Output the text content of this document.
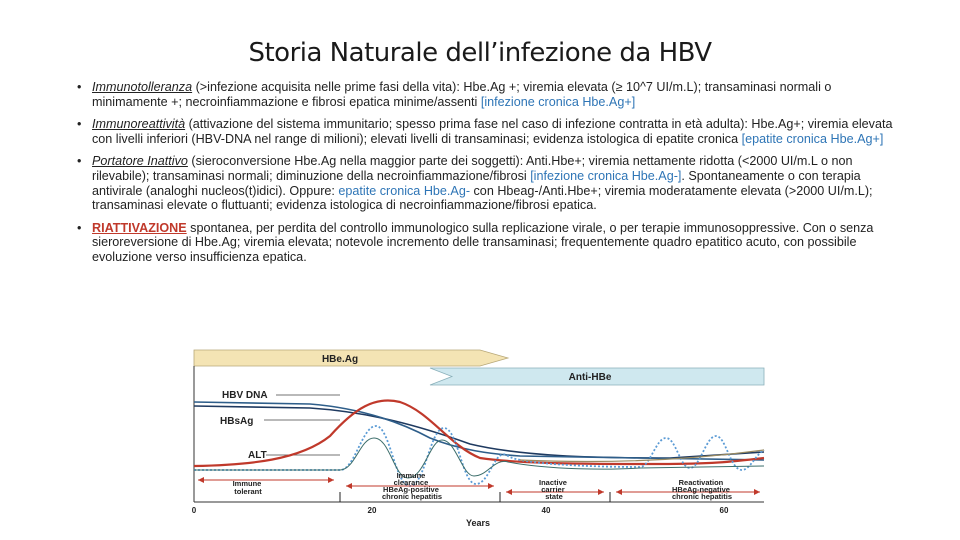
Storia Naturale dell’infezione da HBV
• Immunotolleranza (>infezione acquisita nelle prime fasi della vita): Hbe.Ag +; viremia elevata (≥ 10^7 UI/m.L); transaminasi normali o minimamente +; necroinfiammazione e fibrosi epatica minime/assenti [infezione cronica Hbe.Ag+]
• Immunoreattività (attivazione del sistema immunitario; spesso prima fase nel caso di infezione contratta in età adulta): Hbe.Ag+; viremia elevata con livelli inferiori (HBV-DNA nel range di milioni); elevati livelli di transaminasi; evidenza istologica di epatite cronica [epatite cronica Hbe.Ag+]
• Portatore Inattivo (sieroconversione Hbe.Ag nella maggior parte dei soggetti): Anti.Hbe+; viremia nettamente ridotta (<2000 UI/m.L o non rilevabile); transaminasi normali; diminuzione della necroinfiammazione/fibrosi [infezione cronica Hbe.Ag-]. Spontaneamente o con terapia antivirale (analoghi nucleos(t)idici). Oppure: epatite cronica Hbe.Ag- con Hbeag-/Anti.Hbe+; viremia moderatamente elevata (>2000 UI/m.L); transaminasi elevate o fluttuanti; evidenza istologica di necroinfiammazione/fibrosi epatica.
• RIATTIVAZIONE spontanea, per perdita del controllo immunologico sulla replicazione virale, o per terapie immunosoppressive. Con o senza sieroreversione di Hbe.Ag; viremia elevata; notevole incremento delle transaminasi; frequentemente quadro epatitico acuto, con possibile evoluzione verso insufficienza epatica.
HBe.Ag
Anti-HBe
HBV DNA
HBsAg
ALT
Immune tolerant
Immune clearance HBeAg-positive chronic hepatitis
Inactive carrier state
Reactivation HBeAg-negative chronic hepatitis
0	20	40	60
Years
